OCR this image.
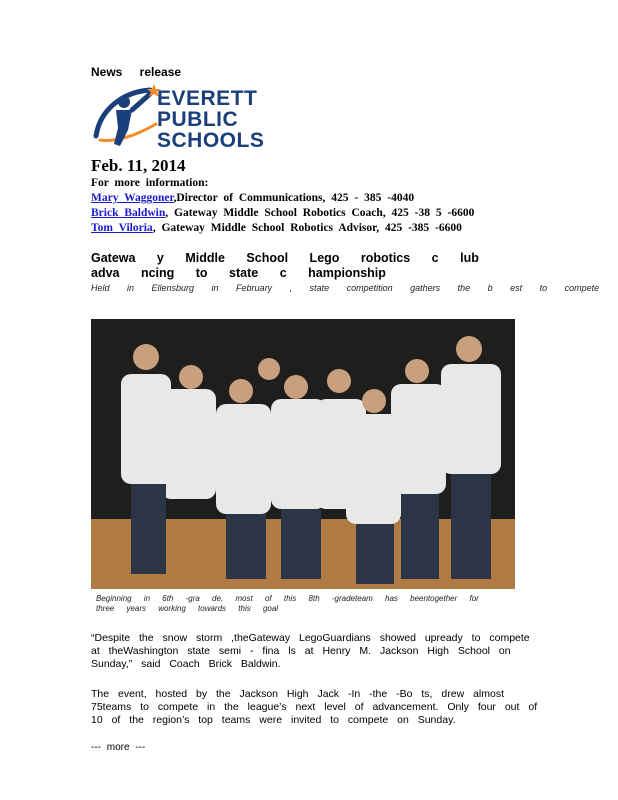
News release
EVERETT
PUBLIC
SCHOOLS
Feb. 11, 2014
For more information:
Mary Waggoner,Director of Communications, 425 - 385 -4040
Brick Baldwin, Gateway Middle School Robotics Coach, 425 -38 5 -6600
Tom Viloria, Gateway Middle School Robotics Advisor, 425 -385 -6600
Gatewa y Middle School Lego robotics c lub adva ncing to state c hampionship
Held in Ellensburg in February , state competition gathers the b est to compete
Beginning in 6th -gra de, most of this 8th -gradeteam has beentogether for three years working towards this goal
“Despite the snow storm ,theGateway LegoGuardians showed upready to compete at theWashington state semi - fina ls at Henry M. Jackson High School on Sunday,” said Coach Brick Baldwin.
The event, hosted by the Jackson High Jack -In -the -Bo ts, drew almost 75teams to compete in the league’s next level of advancement. Only four out of 10 of the region’s top teams were invited to compete on Sunday.
--- more ---
